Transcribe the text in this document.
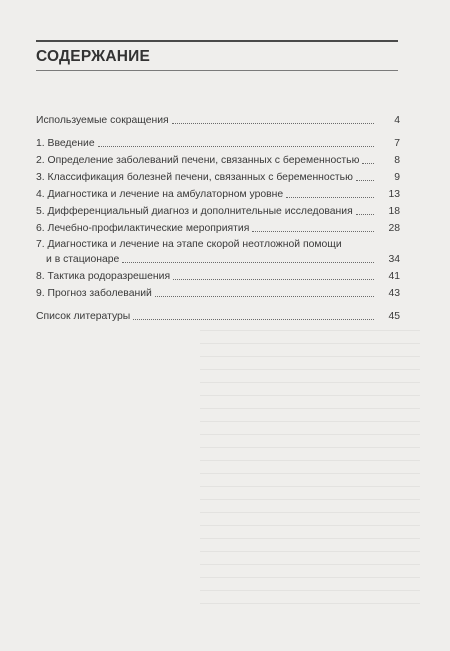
СОДЕРЖАНИЕ
Используемые сокращения	4
1. Введение	7
2. Определение заболеваний печени, связанных с беременностью	8
3. Классификация болезней печени, связанных с беременностью	9
4. Диагностика и лечение на амбулаторном уровне	13
5. Дифференциальный диагноз и дополнительные исследования	18
6. Лечебно-профилактические мероприятия	28
7. Диагностика и лечение на этапе скорой неотложной помощи
и в стационаре	34
8. Тактика родоразрешения	41
9. Прогноз заболеваний	43
Список литературы	45
